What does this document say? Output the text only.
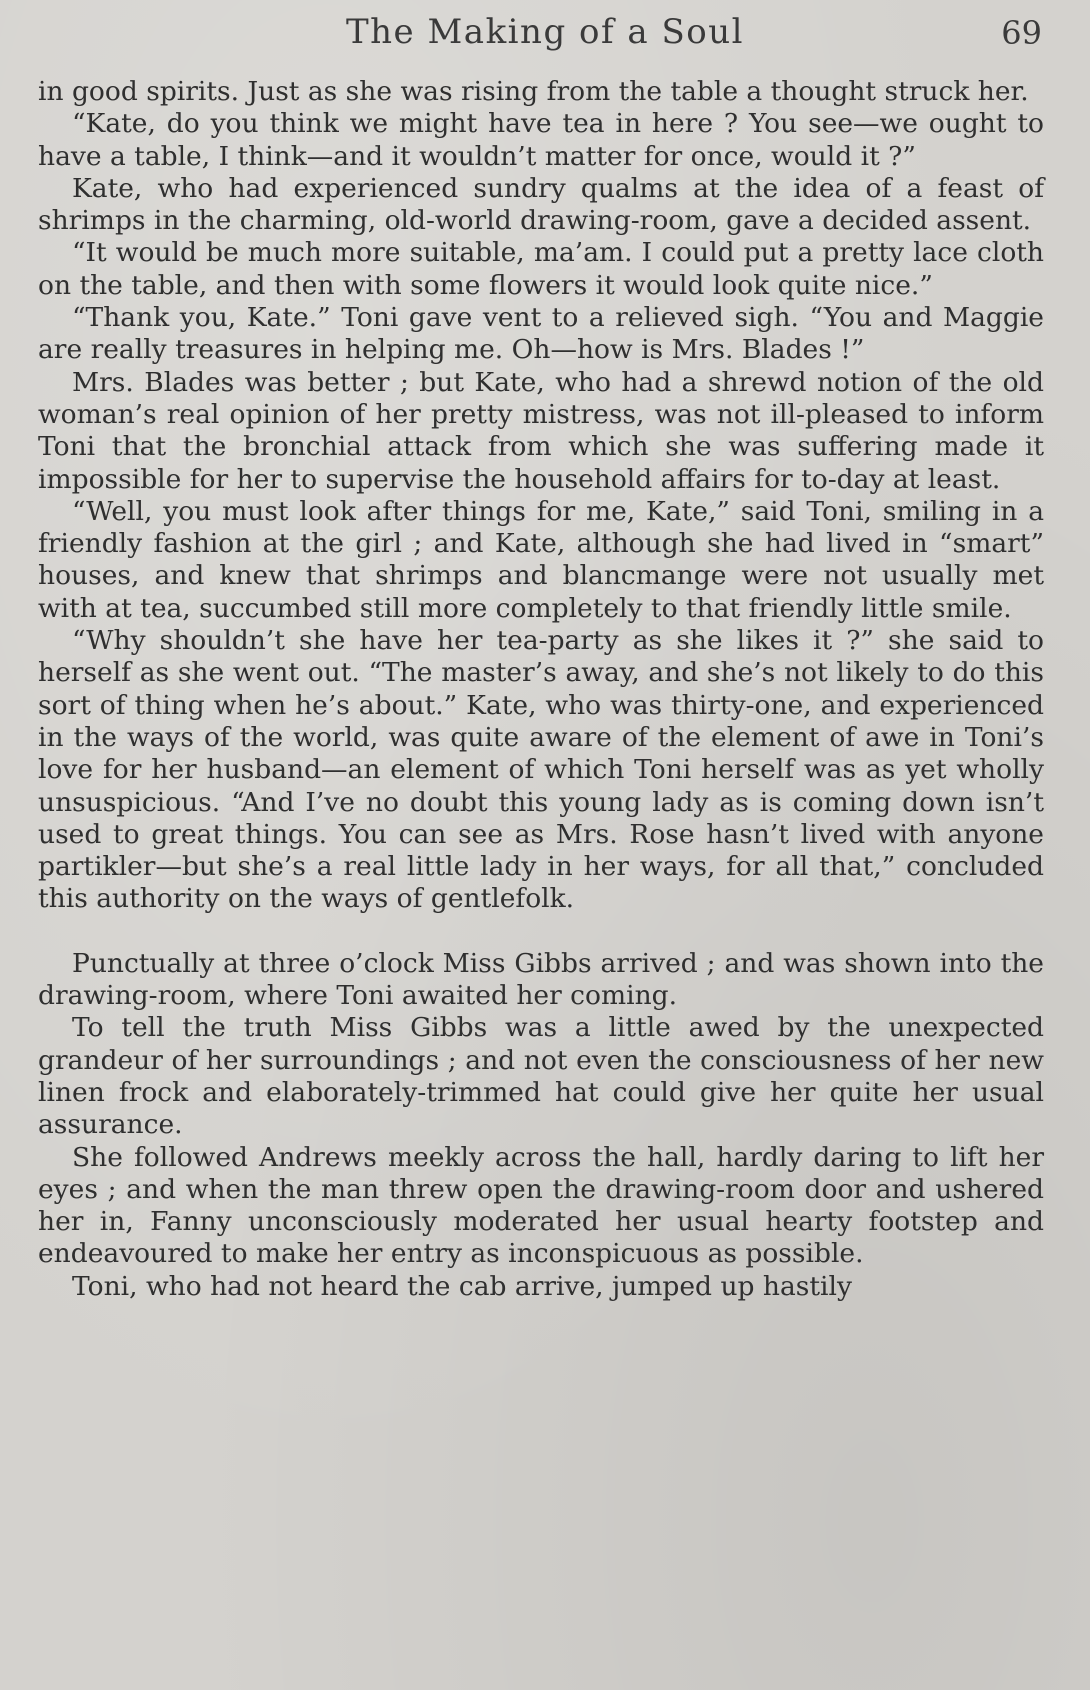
The Making of a Soul	69

in good spirits. Just as she was rising from the table a thought struck her.

“Kate, do you think we might have tea in here ? You see—we ought to have a table, I think—and it wouldn’t matter for once, would it ?”

Kate, who had experienced sundry qualms at the idea of a feast of shrimps in the charming, old-world drawing-room, gave a decided assent.

“It would be much more suitable, ma’am. I could put a pretty lace cloth on the table, and then with some flowers it would look quite nice.”

“Thank you, Kate.” Toni gave vent to a relieved sigh. “You and Maggie are really treasures in helping me. Oh—how is Mrs. Blades !”

Mrs. Blades was better ; but Kate, who had a shrewd notion of the old woman’s real opinion of her pretty mistress, was not ill-pleased to inform Toni that the bronchial attack from which she was suffering made it impossible for her to supervise the household affairs for to-day at least.

“Well, you must look after things for me, Kate,” said Toni, smiling in a friendly fashion at the girl ; and Kate, although she had lived in “smart” houses, and knew that shrimps and blancmange were not usually met with at tea, succumbed still more completely to that friendly little smile.

“Why shouldn’t she have her tea-party as she likes it ?” she said to herself as she went out. “The master’s away, and she’s not likely to do this sort of thing when he’s about.” Kate, who was thirty-one, and experienced in the ways of the world, was quite aware of the element of awe in Toni’s love for her husband—an element of which Toni herself was as yet wholly unsuspicious. “And I’ve no doubt this young lady as is coming down isn’t used to great things. You can see as Mrs. Rose hasn’t lived with anyone partikler—but she’s a real little lady in her ways, for all that,” concluded this authority on the ways of gentlefolk.

Punctually at three o’clock Miss Gibbs arrived ; and was shown into the drawing-room, where Toni awaited her coming.

To tell the truth Miss Gibbs was a little awed by the unexpected grandeur of her surroundings ; and not even the consciousness of her new linen frock and elaborately-trimmed hat could give her quite her usual assurance.

She followed Andrews meekly across the hall, hardly daring to lift her eyes ; and when the man threw open the drawing-room door and ushered her in, Fanny unconsciously moderated her usual hearty footstep and endeavoured to make her entry as inconspicuous as possible.

Toni, who had not heard the cab arrive, jumped up hastily
